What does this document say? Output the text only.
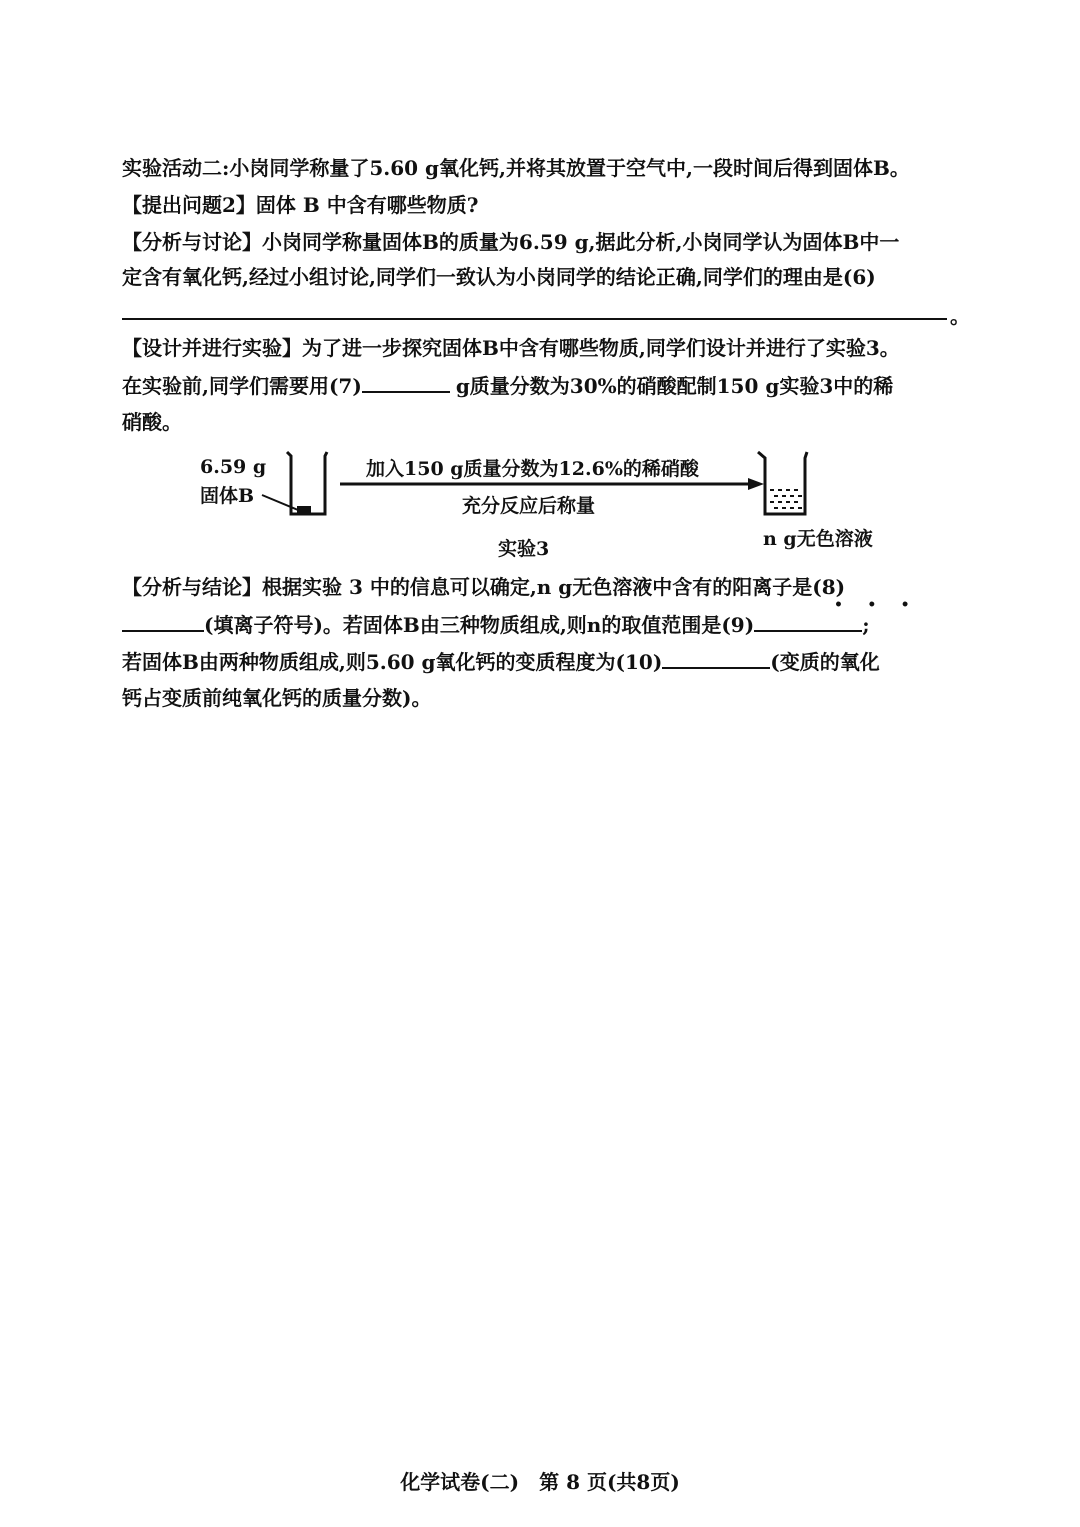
实验活动二:小岗同学称量了5.60 g氧化钙,并将其放置于空气中,一段时间后得到固体B。
【提出问题2】固体 B 中含有哪些物质?
【分析与讨论】小岗同学称量固体B的质量为6.59 g,据此分析,小岗同学认为固体B中一
定含有氧化钙,经过小组讨论,同学们一致认为小岗同学的结论正确,同学们的理由是(6)
。
【设计并进行实验】为了进一步探究固体B中含有哪些物质,同学们设计并进行了实验3。
在实验前,同学们需要用(7)	g质量分数为30%的硝酸配制150 g实验3中的稀
硝酸。
6.59 g
固体B
加入150 g质量分数为12.6%的稀硝酸
充分反应后称量
实验3	n g无色溶液
【分析与结论】根据实验 3 中的信息可以确定,n g无色溶液中含有的阳离子是(8)
•     •     •
(填离子符号)。若固体B由三种物质组成,则n的取值范围是(9)	;
若固体B由两种物质组成,则5.60 g氧化钙的变质程度为(10)	(变质的氧化
钙占变质前纯氧化钙的质量分数)。
化学试卷(二)　第 8 页(共8页)
